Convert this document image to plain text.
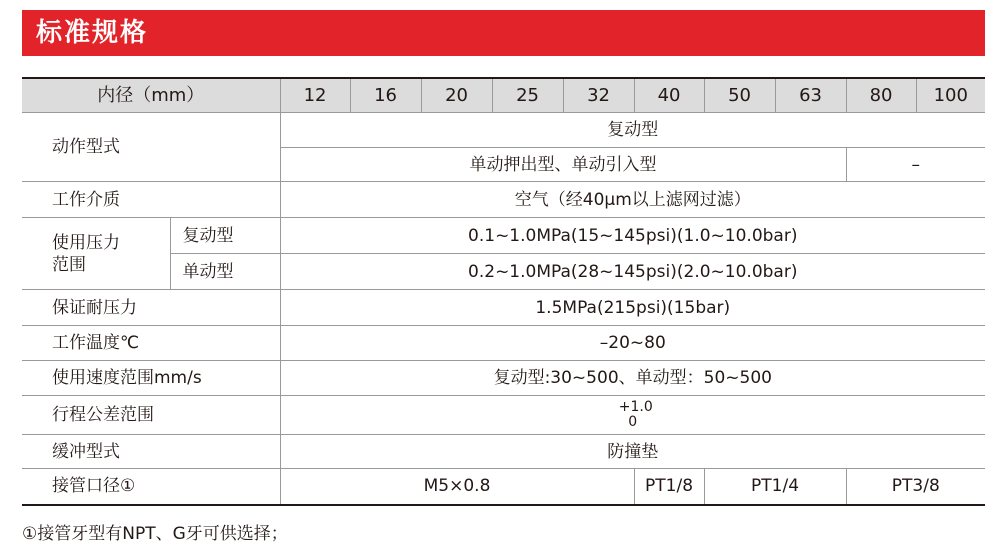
标准规格
内径（mm）		12	16	20	25	32	40	50	63	80	100
动作型式		复动型									
		单动押出型、单动引入型								–	
工作介质		空气（经40μm以上滤网过滤）									
使用压力范围	复动型	0.1~1.0MPa(15~145psi)(1.0~10.0bar)									
	单动型	0.2~1.0MPa(28~145psi)(2.0~10.0bar)									
保证耐压力		1.5MPa(215psi)(15bar)									
工作温度℃		–20~80									
使用速度范围mm/s		复动型:30~500、单动型：50~500									
行程公差范围		+1.0
0									

缓冲型式		防撞垫									
接管口径①		M5×0.8					PT1/8	PT1/4		PT3/8	
①接管牙型有NPT、G牙可供选择；
